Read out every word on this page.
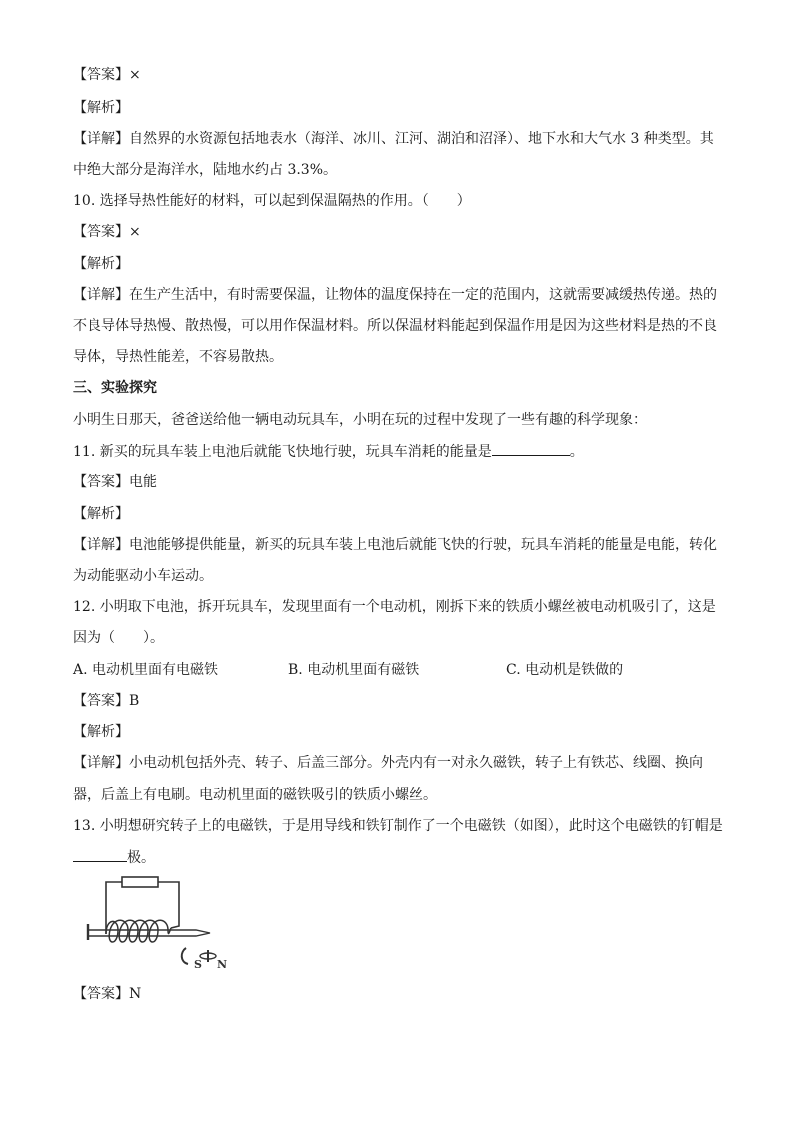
【答案】×
【解析】
【详解】自然界的水资源包括地表水（海洋、冰川、江河、湖泊和沼泽）、地下水和大气水 3 种类型。其
中绝大部分是海洋水，陆地水约占 3.3%。
10. 选择导热性能好的材料，可以起到保温隔热的作用。（　　）
【答案】×
【解析】
【详解】在生产生活中，有时需要保温，让物体的温度保持在一定的范围内，这就需要减缓热传递。热的
不良导体导热慢、散热慢，可以用作保温材料。所以保温材料能起到保温作用是因为这些材料是热的不良
导体，导热性能差，不容易散热。
三、实验探究
小明生日那天，爸爸送给他一辆电动玩具车，小明在玩的过程中发现了一些有趣的科学现象：
11. 新买的玩具车装上电池后就能飞快地行驶，玩具车消耗的能量是	。
【答案】电能
【解析】
【详解】电池能够提供能量，新买的玩具车装上电池后就能飞快的行驶，玩具车消耗的能量是电能，转化
为动能驱动小车运动。
12. 小明取下电池，拆开玩具车，发现里面有一个电动机，刚拆下来的铁质小螺丝被电动机吸引了，这是
因为（　　）。
A. 电动机里面有电磁铁	B. 电动机里面有磁铁	C. 电动机是铁做的
【答案】B
【解析】
【详解】小电动机包括外壳、转子、后盖三部分。外壳内有一对永久磁铁，转子上有铁芯、线圈、换向
器，后盖上有电刷。电动机里面的磁铁吸引的铁质小螺丝。
13. 小明想研究转子上的电磁铁，于是用导线和铁钉制作了一个电磁铁（如图），此时这个电磁铁的钉帽是
极。
S N
【答案】N
